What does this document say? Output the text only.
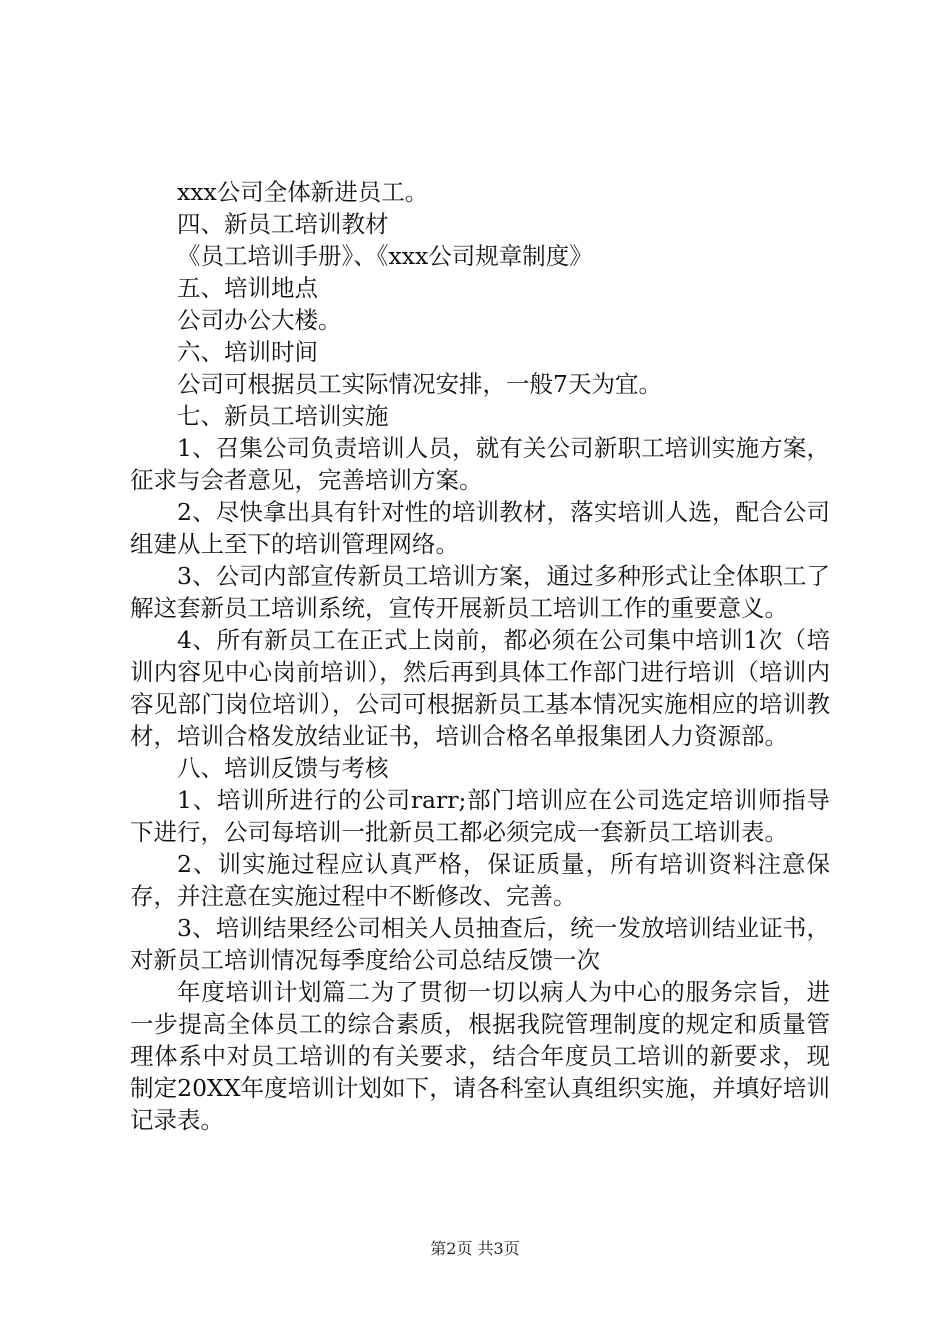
xxx公司全体新进员工。

四、新员工培训教材

《员工培训手册》、《xxx公司规章制度》

五、培训地点

公司办公大楼。

六、培训时间

公司可根据员工实际情况安排，一般7天为宜。

七、新员工培训实施

1、召集公司负责培训人员，就有关公司新职工培训实施方案，征求与会者意见，完善培训方案。

2、尽快拿出具有针对性的培训教材，落实培训人选，配合公司组建从上至下的培训管理网络。

3、公司内部宣传新员工培训方案，通过多种形式让全体职工了解这套新员工培训系统，宣传开展新员工培训工作的重要意义。

4、所有新员工在正式上岗前，都必须在公司集中培训1次（培训内容见中心岗前培训），然后再到具体工作部门进行培训（培训内容见部门岗位培训），公司可根据新员工基本情况实施相应的培训教材，培训合格发放结业证书，培训合格名单报集团人力资源部。

八、培训反馈与考核

1、培训所进行的公司rarr;部门培训应在公司选定培训师指导下进行，公司每培训一批新员工都必须完成一套新员工培训表。

2、训实施过程应认真严格，保证质量，所有培训资料注意保存，并注意在实施过程中不断修改、完善。

3、培训结果经公司相关人员抽查后，统一发放培训结业证书，对新员工培训情况每季度给公司总结反馈一次

年度培训计划篇二为了贯彻一切以病人为中心的服务宗旨，进一步提高全体员工的综合素质，根据我院管理制度的规定和质量管理体系中对员工培训的有关要求，结合年度员工培训的新要求，现制定20XX年度培训计划如下，请各科室认真组织实施，并填好培训记录表。

第2页 共3页
